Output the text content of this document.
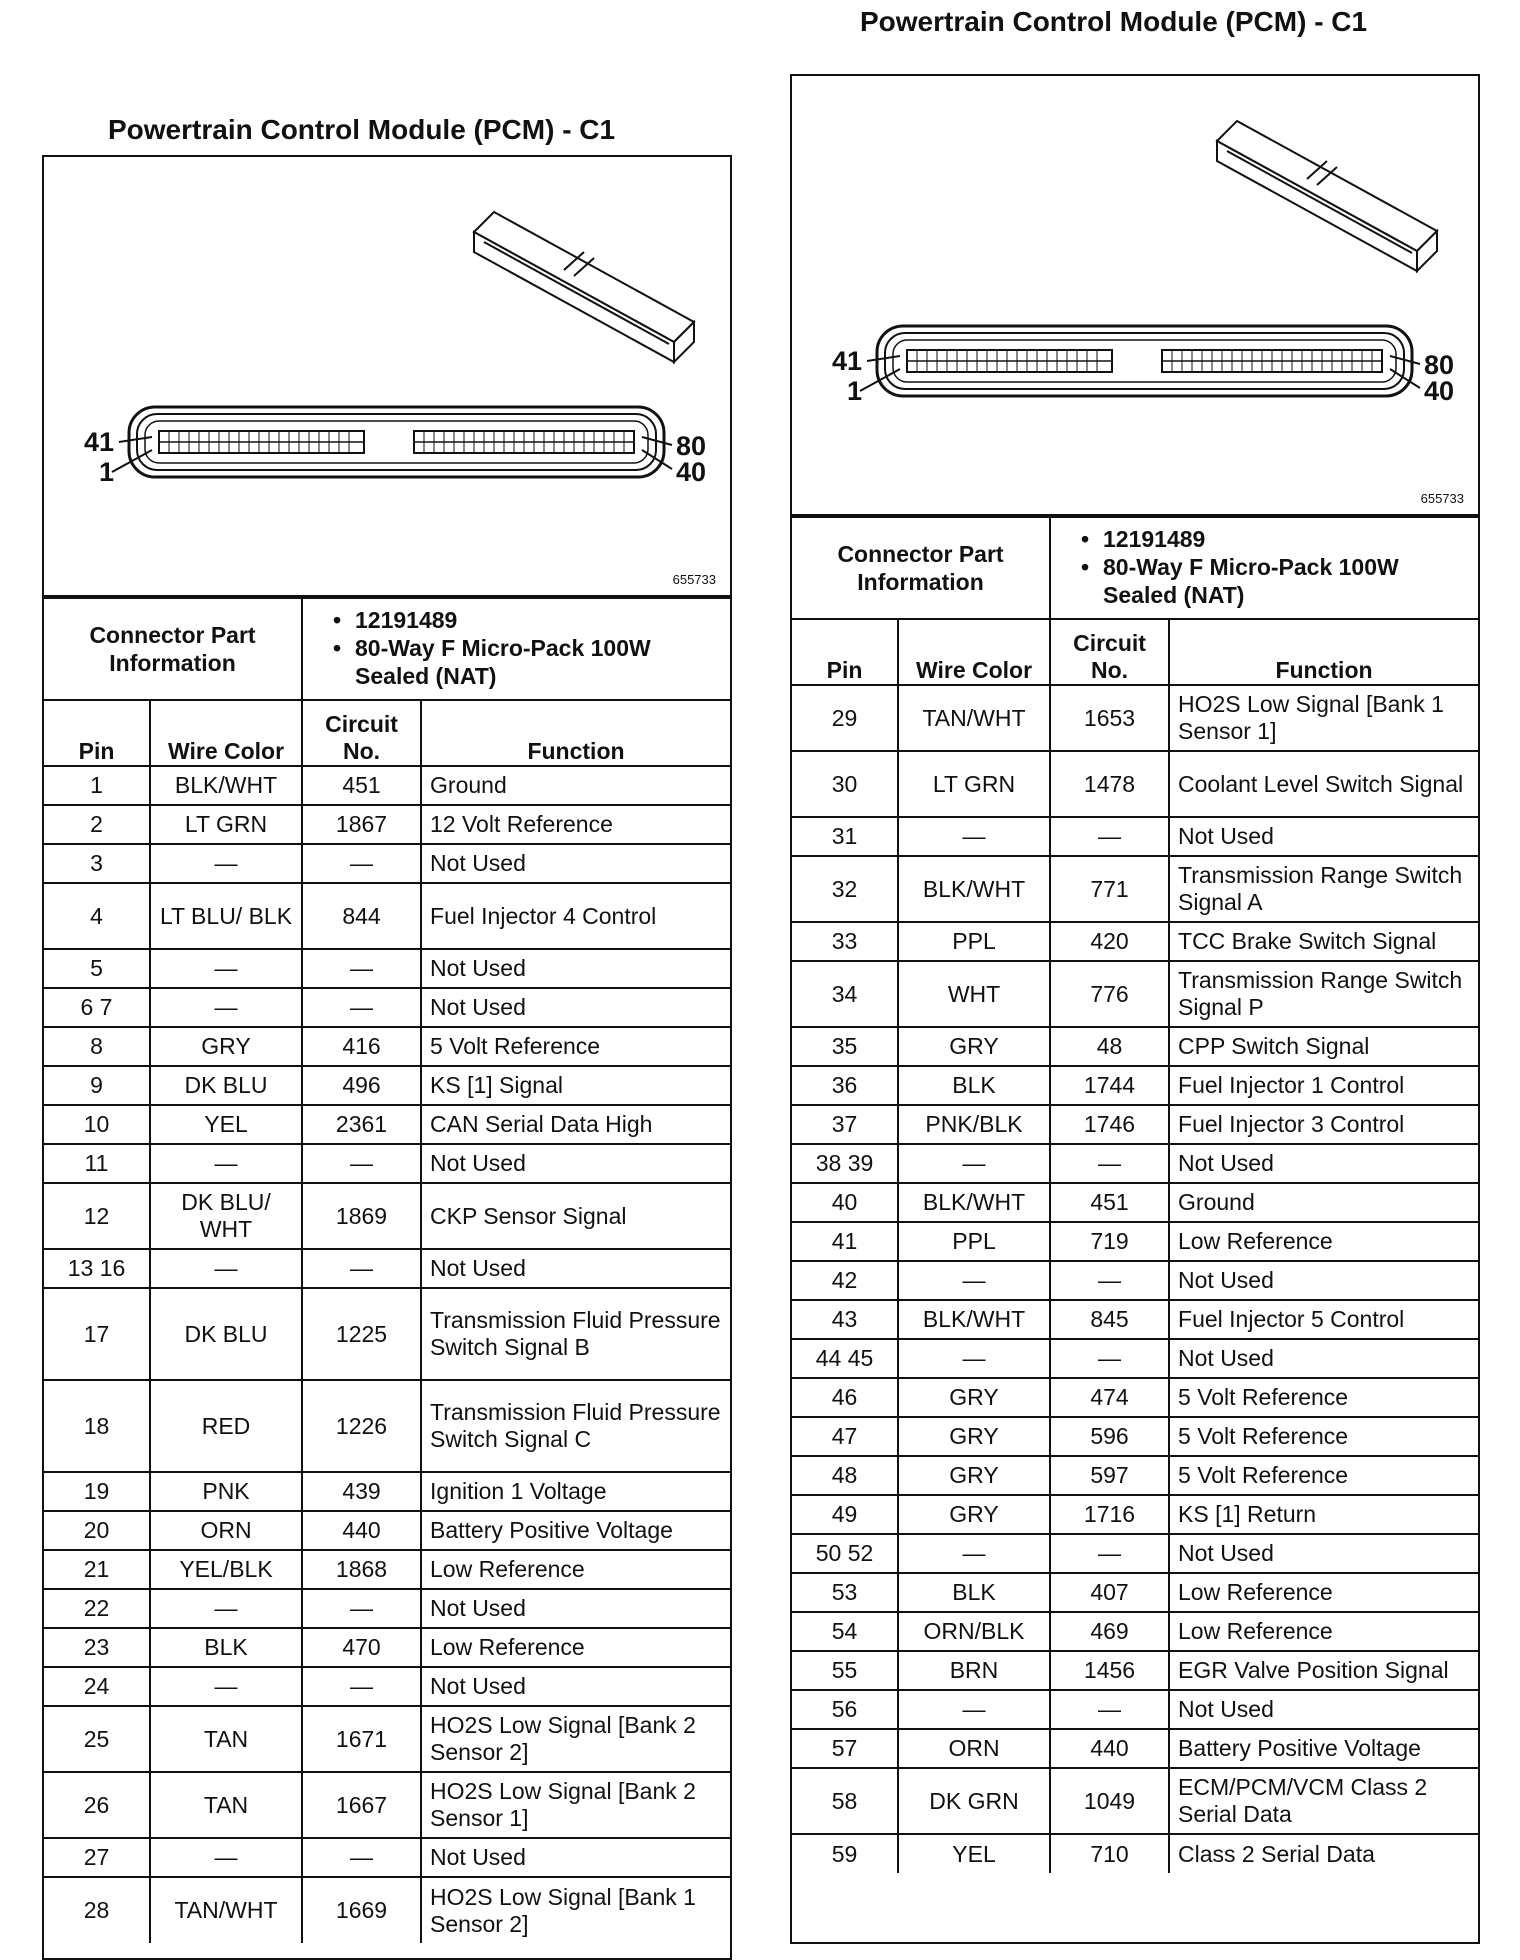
Powertrain Control Module (PCM) - C1
41
1
80
40
655733
Connector Part Information		• 12191489
• 80-Way F Micro-Pack 100W Sealed (NAT)

Pin	Wire Color	Circuit No.	Function
1	BLK/WHT	451	Ground
2	LT GRN	1867	12 Volt Reference
3	—	—	Not Used
4	LT BLU/ BLK	844	Fuel Injector 4 Control
5	—	—	Not Used
6 7	—	—	Not Used
8	GRY	416	5 Volt Reference
9	DK BLU	496	KS [1] Signal
10	YEL	2361	CAN Serial Data High
11	—	—	Not Used
12	DK BLU/ WHT	1869	CKP Sensor Signal
13 16	—	—	Not Used
17	DK BLU	1225	Transmission Fluid Pressure Switch Signal B
18	RED	1226	Transmission Fluid Pressure Switch Signal C
19	PNK	439	Ignition 1 Voltage
20	ORN	440	Battery Positive Voltage
21	YEL/BLK	1868	Low Reference
22	—	—	Not Used
23	BLK	470	Low Reference
24	—	—	Not Used
25	TAN	1671	HO2S Low Signal [Bank 2 Sensor 2]
26	TAN	1667	HO2S Low Signal [Bank 2 Sensor 1]
27	—	—	Not Used
28	TAN/WHT	1669	HO2S Low Signal [Bank 1 Sensor 2]
Powertrain Control Module (PCM) - C1
41
1
80
40
655733
Connector Part Information		• 12191489
• 80-Way F Micro-Pack 100W Sealed (NAT)

Pin	Wire Color	Circuit No.	Function
29	TAN/WHT	1653	HO2S Low Signal [Bank 1 Sensor 1]
30	LT GRN	1478	Coolant Level Switch Signal
31	—	—	Not Used
32	BLK/WHT	771	Transmission Range Switch Signal A
33	PPL	420	TCC Brake Switch Signal
34	WHT	776	Transmission Range Switch Signal P
35	GRY	48	CPP Switch Signal
36	BLK	1744	Fuel Injector 1 Control
37	PNK/BLK	1746	Fuel Injector 3 Control
38 39	—	—	Not Used
40	BLK/WHT	451	Ground
41	PPL	719	Low Reference
42	—	—	Not Used
43	BLK/WHT	845	Fuel Injector 5 Control
44 45	—	—	Not Used
46	GRY	474	5 Volt Reference
47	GRY	596	5 Volt Reference
48	GRY	597	5 Volt Reference
49	GRY	1716	KS [1] Return
50 52	—	—	Not Used
53	BLK	407	Low Reference
54	ORN/BLK	469	Low Reference
55	BRN	1456	EGR Valve Position Signal
56	—	—	Not Used
57	ORN	440	Battery Positive Voltage
58	DK GRN	1049	ECM/PCM/VCM Class 2 Serial Data
59	YEL	710	Class 2 Serial Data
